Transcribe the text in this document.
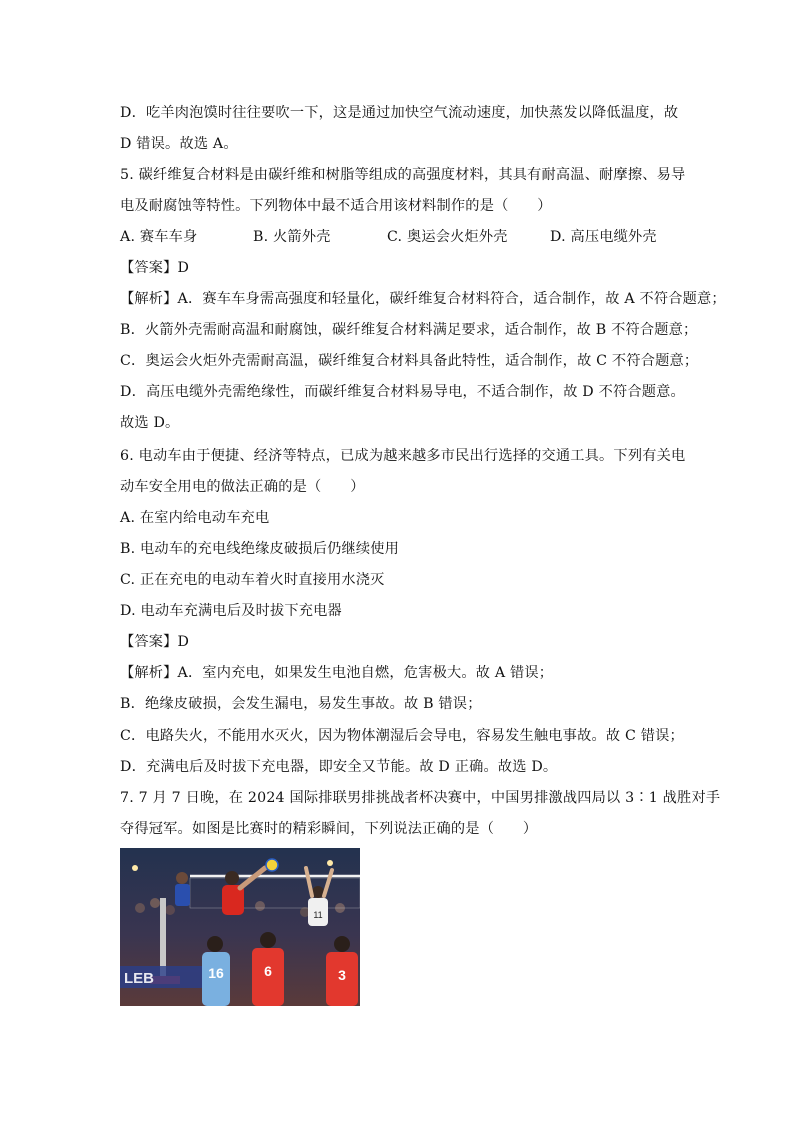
D．吃羊肉泡馍时往往要吹一下，这是通过加快空气流动速度，加快蒸发以降低温度，故
D 错误。故选 A。
5. 碳纤维复合材料是由碳纤维和树脂等组成的高强度材料，其具有耐高温、耐摩擦、易导
电及耐腐蚀等特性。下列物体中最不适合用该材料制作的是（　　）
A. 赛车车身	B. 火箭外壳	C. 奥运会火炬外壳	D. 高压电缆外壳
【答案】D
【解析】A．赛车车身需高强度和轻量化，碳纤维复合材料符合，适合制作，故 A 不符合题意；
B．火箭外壳需耐高温和耐腐蚀，碳纤维复合材料满足要求，适合制作，故 B 不符合题意；
C．奥运会火炬外壳需耐高温，碳纤维复合材料具备此特性，适合制作，故 C 不符合题意；
D．高压电缆外壳需绝缘性，而碳纤维复合材料易导电，不适合制作，故 D 不符合题意。
故选 D。
6. 电动车由于便捷、经济等特点，已成为越来越多市民出行选择的交通工具。下列有关电
动车安全用电的做法正确的是（　　）
A. 在室内给电动车充电
B. 电动车的充电线绝缘皮破损后仍继续使用
C. 正在充电的电动车着火时直接用水浇灭
D. 电动车充满电后及时拔下充电器
【答案】D
【解析】A．室内充电，如果发生电池自燃，危害极大。故 A 错误；
B．绝缘皮破损，会发生漏电，易发生事故。故 B 错误；
C．电路失火，不能用水灭火，因为物体潮湿后会导电，容易发生触电事故。故 C 错误；
D．充满电后及时拔下充电器，即安全又节能。故 D 正确。故选 D。
7. 7 月 7 日晚，在 2024 国际排联男排挑战者杯决赛中，中国男排激战四局以 3∶1 战胜对手
夺得冠军。如图是比赛时的精彩瞬间，下列说法正确的是（　　）
11
LEB	16	6	3
